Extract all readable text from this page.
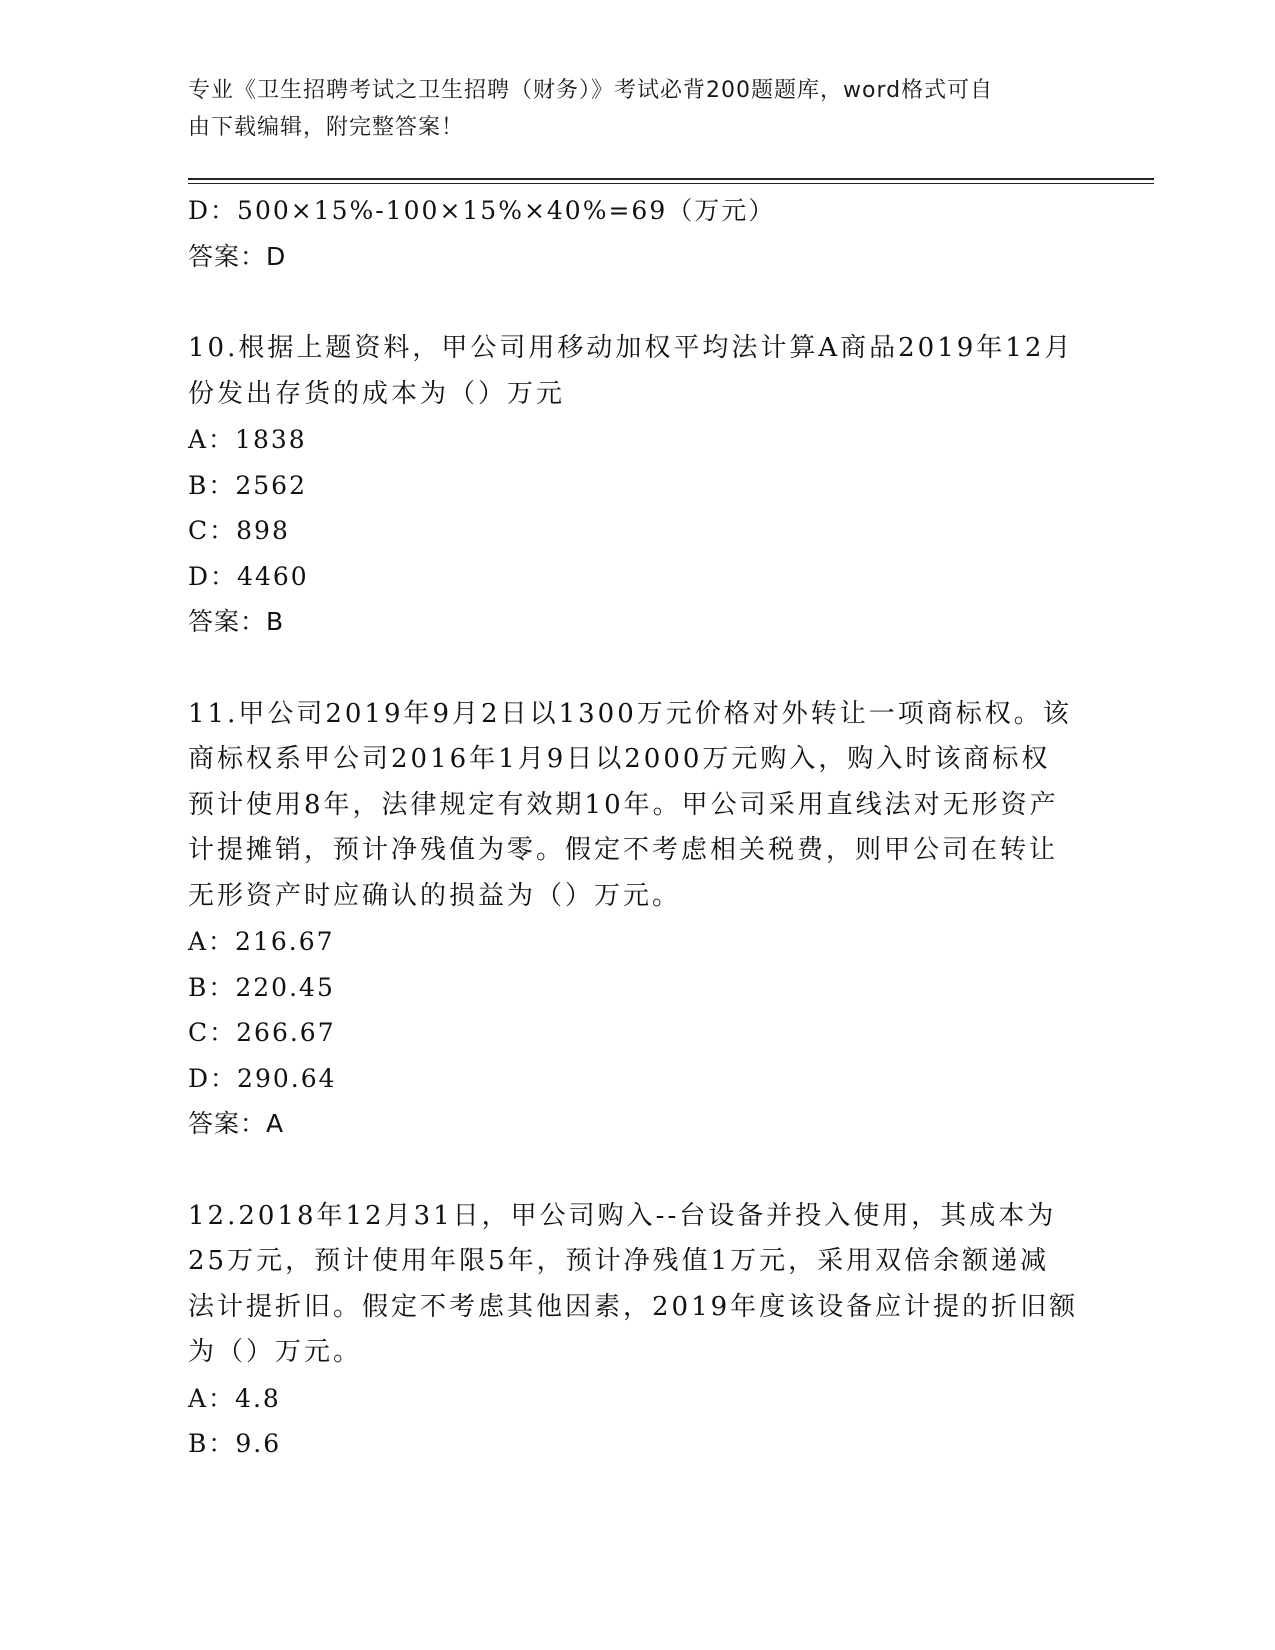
专业《卫生招聘考试之卫生招聘（财务）》考试必背200题题库，word格式可自
由下载编辑，附完整答案！
D：500×15%-100×15%×40%=69（万元）
答案：D
10.根据上题资料，甲公司用移动加权平均法计算A商品2019年12月
份发出存货的成本为（）万元
A：1838
B：2562
C：898
D：4460
答案：B
11.甲公司2019年9月2日以1300万元价格对外转让一项商标权。该
商标权系甲公司2016年1月9日以2000万元购入，购入时该商标权
预计使用8年，法律规定有效期10年。甲公司采用直线法对无形资产
计提摊销，预计净残值为零。假定不考虑相关税费，则甲公司在转让
无形资产时应确认的损益为（）万元。
A：216.67
B：220.45
C：266.67
D：290.64
答案：A
12.2018年12月31日，甲公司购入--台设备并投入使用，其成本为
25万元，预计使用年限5年，预计净残值1万元，采用双倍余额递减
法计提折旧。假定不考虑其他因素，2019年度该设备应计提的折旧额
为（）万元。
A：4.8
B：9.6
